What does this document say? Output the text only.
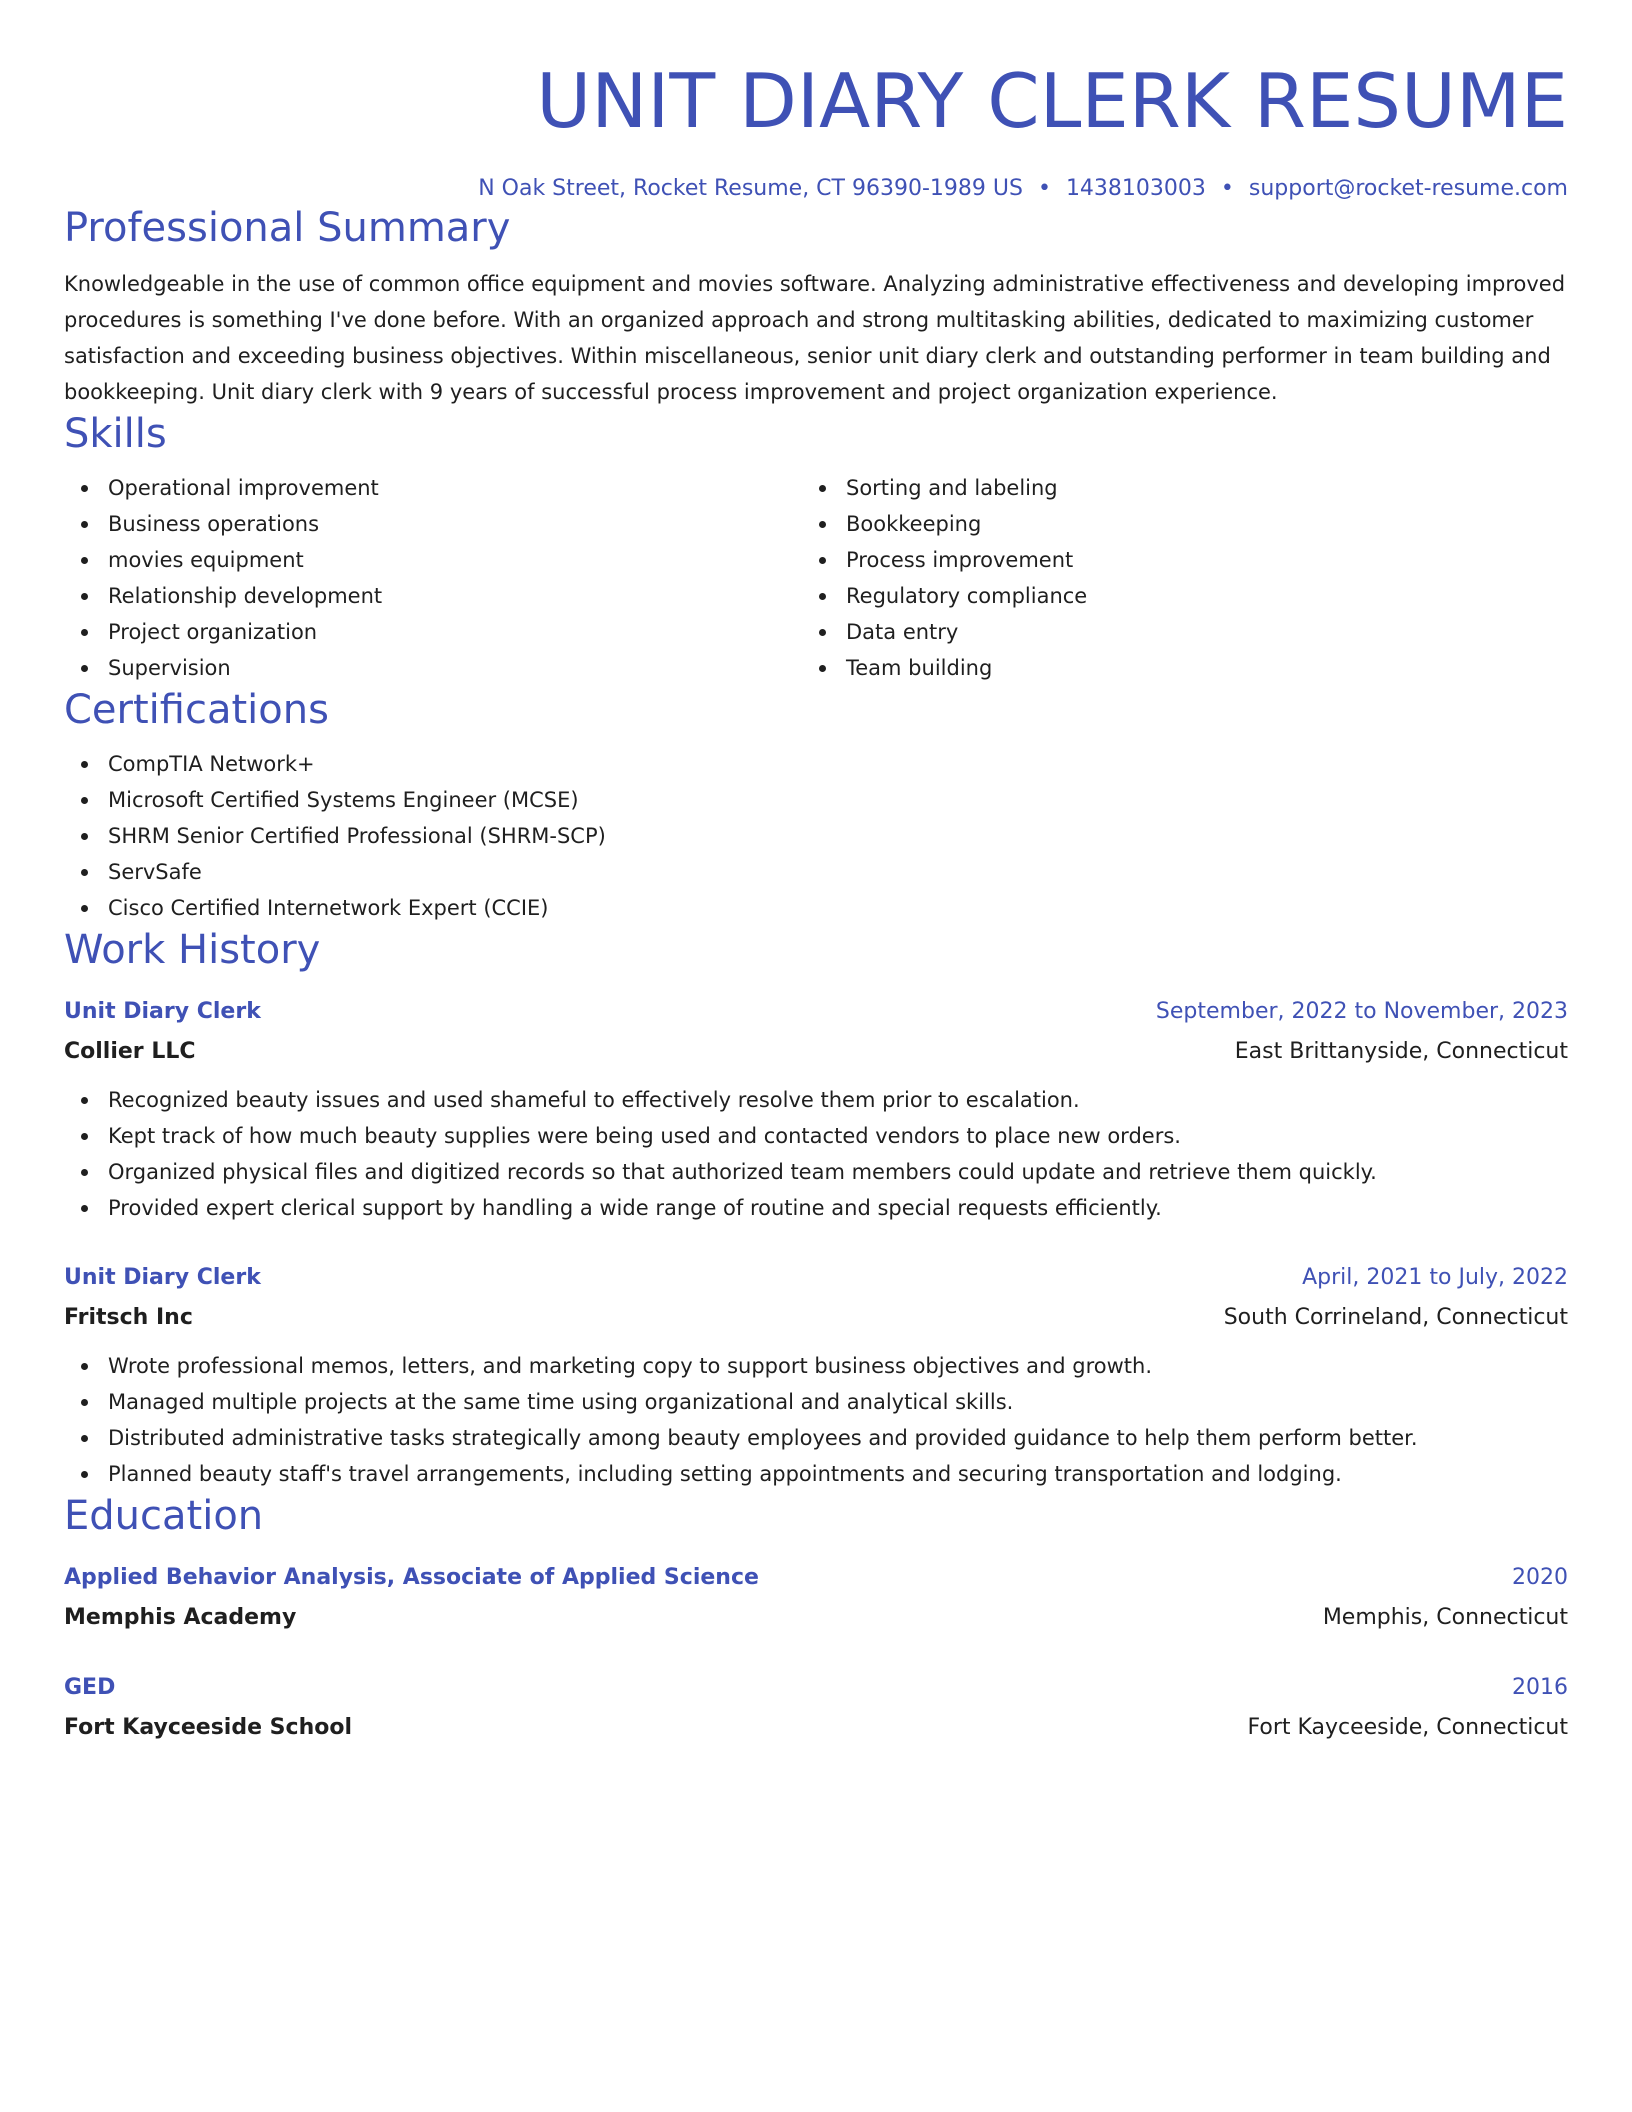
UNIT DIARY CLERK RESUME
N Oak Street, Rocket Resume, CT 96390-1989 US • 1438103003 • support@rocket-resume.com
Professional Summary

Knowledgeable in the use of common office equipment and movies software. Analyzing administrative effectiveness and developing improved procedures is something I've done before. With an organized approach and strong multitasking abilities, dedicated to maximizing customer satisfaction and exceeding business objectives. Within miscellaneous, senior unit diary clerk and outstanding performer in team building and bookkeeping. Unit diary clerk with 9 years of successful process improvement and project organization experience.

Skills
Operational improvement
Business operations
movies equipment
Relationship development
Project organization
Supervision
Sorting and labeling
Bookkeeping
Process improvement
Regulatory compliance
Data entry
Team building
Certifications
CompTIA Network+
Microsoft Certified Systems Engineer (MCSE)
SHRM Senior Certified Professional (SHRM-SCP)
ServSafe
Cisco Certified Internetwork Expert (CCIE)
Work History
Unit Diary Clerk	September, 2022 to November, 2023
Collier LLC	East Brittanyside, Connecticut
Recognized beauty issues and used shameful to effectively resolve them prior to escalation.
Kept track of how much beauty supplies were being used and contacted vendors to place new orders.
Organized physical files and digitized records so that authorized team members could update and retrieve them quickly.
Provided expert clerical support by handling a wide range of routine and special requests efficiently.
Unit Diary Clerk	April, 2021 to July, 2022
Fritsch Inc	South Corrineland, Connecticut
Wrote professional memos, letters, and marketing copy to support business objectives and growth.
Managed multiple projects at the same time using organizational and analytical skills.
Distributed administrative tasks strategically among beauty employees and provided guidance to help them perform better.
Planned beauty staff's travel arrangements, including setting appointments and securing transportation and lodging.
Education
Applied Behavior Analysis, Associate of Applied Science	2020
Memphis Academy	Memphis, Connecticut
GED	2016
Fort Kayceeside School	Fort Kayceeside, Connecticut
